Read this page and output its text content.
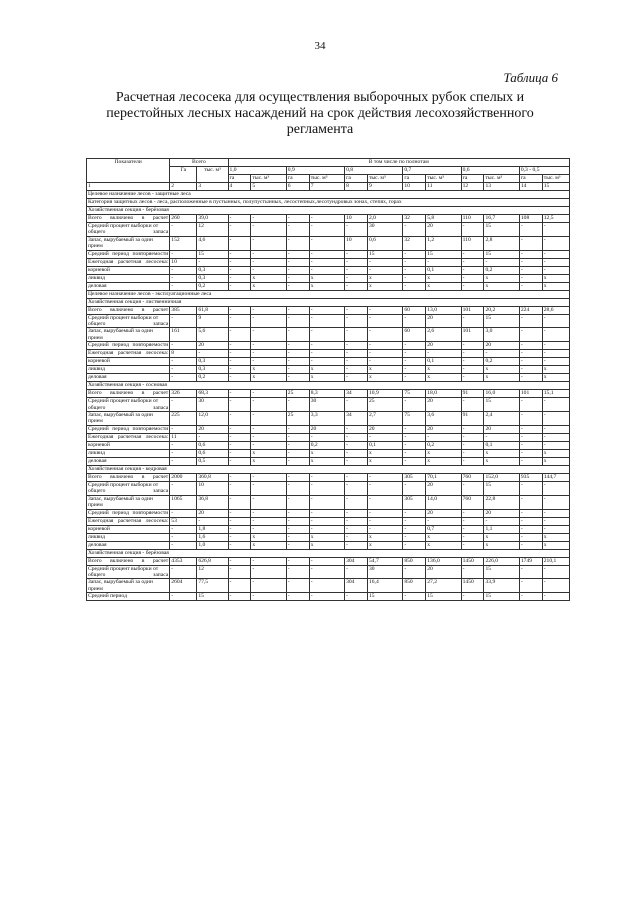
34
Таблица 6
Расчетная лесосека для осуществления выборочных рубок спелых и перестойных лесных насаждений на срок действия лесохозяйственного регламента
Показатели	Всего		В том числе по полнотам											
	Га	тыс. м³	1,0		0,9		0,8		0,7		0,6		0,3 - 0,5	
			га	тыс. м³	га	тыс. м³	га	тыс. м³	га	тыс. м³	га	тыс. м³	га	тыс. м³
1	2	3	4	5	6	7	8	9	10	11	12	13	14	15
Целевое назначение лесов - защитные леса														
Категория защитных лесов - леса, расположенные в пустынных, полупустынных, лесостепных,лесотундровых зонах, степях, горах														
Хозяйственная секция - берёзовая														
Всего включено в расчет	260	39,0	-	-	-	-	10	2,0	32	5,8	110	16,7	108	12,5
Средний процент выборки от общего запаса	-	12	-	-	-	-	-	30	-	20	-	15	-	-
Запас, вырубаемый за один прием	152	4,6	-	-	-	-	10	0,6	32	1,2	110	2,8	-	-
Средний период повторяемости	-	15	-	-	-	-	-	15	-	15	-	15	-	-
Ежегодная расчетная лесосека:	10	-	-	-	-	-	-	-	-	-	-	-	-	-
корневой	-	0,3	-	-	-	-	-	-	-	0,1	-	0,2	-	-
ликвид	-	0,3	-	х	-	х	-	х	-	х	-	х	-	х
деловая	-	0,2	-	х	-	х	-	х	-	х	-	х	-	х
Целевое назначение лесов - эксплуатационные леса														
Хозяйственная секция - лиственничная														
Всего включено в расчет	385	61,8	-	-	-	-	-	-	60	13,0	101	20,2	224	28,6
Средний процент выборки от общего запаса	-	9	-	-	-	-	-	-	-	20	-	15	-	-
Запас, вырубаемый за один прием	161	5,6	-	-	-	-	-	-	60	2,6	101	3,0	-	-
Средний период повторяемости	-	20	-	-	-	-	-	-	-	20	-	20	-	-
Ежегодная расчетная лесосека:	8	-	-	-	-	-	-	-	-	-	-	-	-	-
корневой	-	0,3	-	-	-	-	-	-	-	0,1	-	0,2	-	-
ликвид	-	0,3	-	х	-	х	-	х	-	х	-	х	-	х
деловая	-	0,2	-	х	-	х	-	х	-	х	-	х	-	х
Хозяйственная секция - сосновая														
Всего включено в расчет	326	68,3	-	-	25	8,3	34	10,9	75	18,0	91	16,0	101	15,1
Средний процент выборки от общего запаса	-	30	-	-	-	30	-	25	-	20	-	15	-	-
Запас, вырубаемый за один прием	225	12,0	-	-	25	3,3	34	2,7	75	3,6	91	2,4	-	-
Средний период повторяемости	-	20	-	-	-	20	-	20	-	20	-	20	-	-
Ежегодная расчетная лесосека:	11	-	-	-	-	-	-	-	-	-	-	-	-	-
корневой	-	0,6	-	-	-	0,2	-	0,1	-	0,2	-	0,1	-	-
ликвид	-	0,6	-	х	-	х	-	х	-	х	-	х	-	х
деловая	-	0,5	-	х	-	х	-	х	-	х	-	х	-	х
Хозяйственная секция - кедровая														
Всего включено в расчет	2000	360,8	-	-	-	-	-	-	305	70,1	760	152,0	935	144,7
Средний процент выборки от общего запаса	-	10	-	-	-	-	-	-	-	20	-	15	-	-
Запас, вырубаемый за один прием	1065	36,8	-	-	-	-	-	-	305	14,0	760	22,8	-	-
Средний период повторяемости	-	20	-	-	-	-	-	-	-	20	-	20	-	-
Ежегодная расчетная лесосека:	53	-	-	-	-	-	-	-	-	-	-	-	-	-
корневой	-	1,8	-	-	-	-	-	-	-	0,7	-	1,1	-	-
ликвид	-	1,6	-	х	-	х	-	х	-	х	-	х	-	х
деловая	-	1,0	-	х	-	х	-	х	-	х	-	х	-	х
Хозяйственная секция - берёзовая														
Всего включено в расчет	4353	626,8	-	-	-	-	304	54,7	850	136,0	1450	226,0	1749	210,1
Средний процент выборки от общего запаса	-	12	-	-	-	-	-	30	-	20	-	15	-	-
Запас, вырубаемый за один прием	2604	77,5	-	-	-	-	304	16,4	850	27,2	1450	33,9	-	-
Средний период	-	15	-	-	-	-	-	15	-	15	-	15	-	-
